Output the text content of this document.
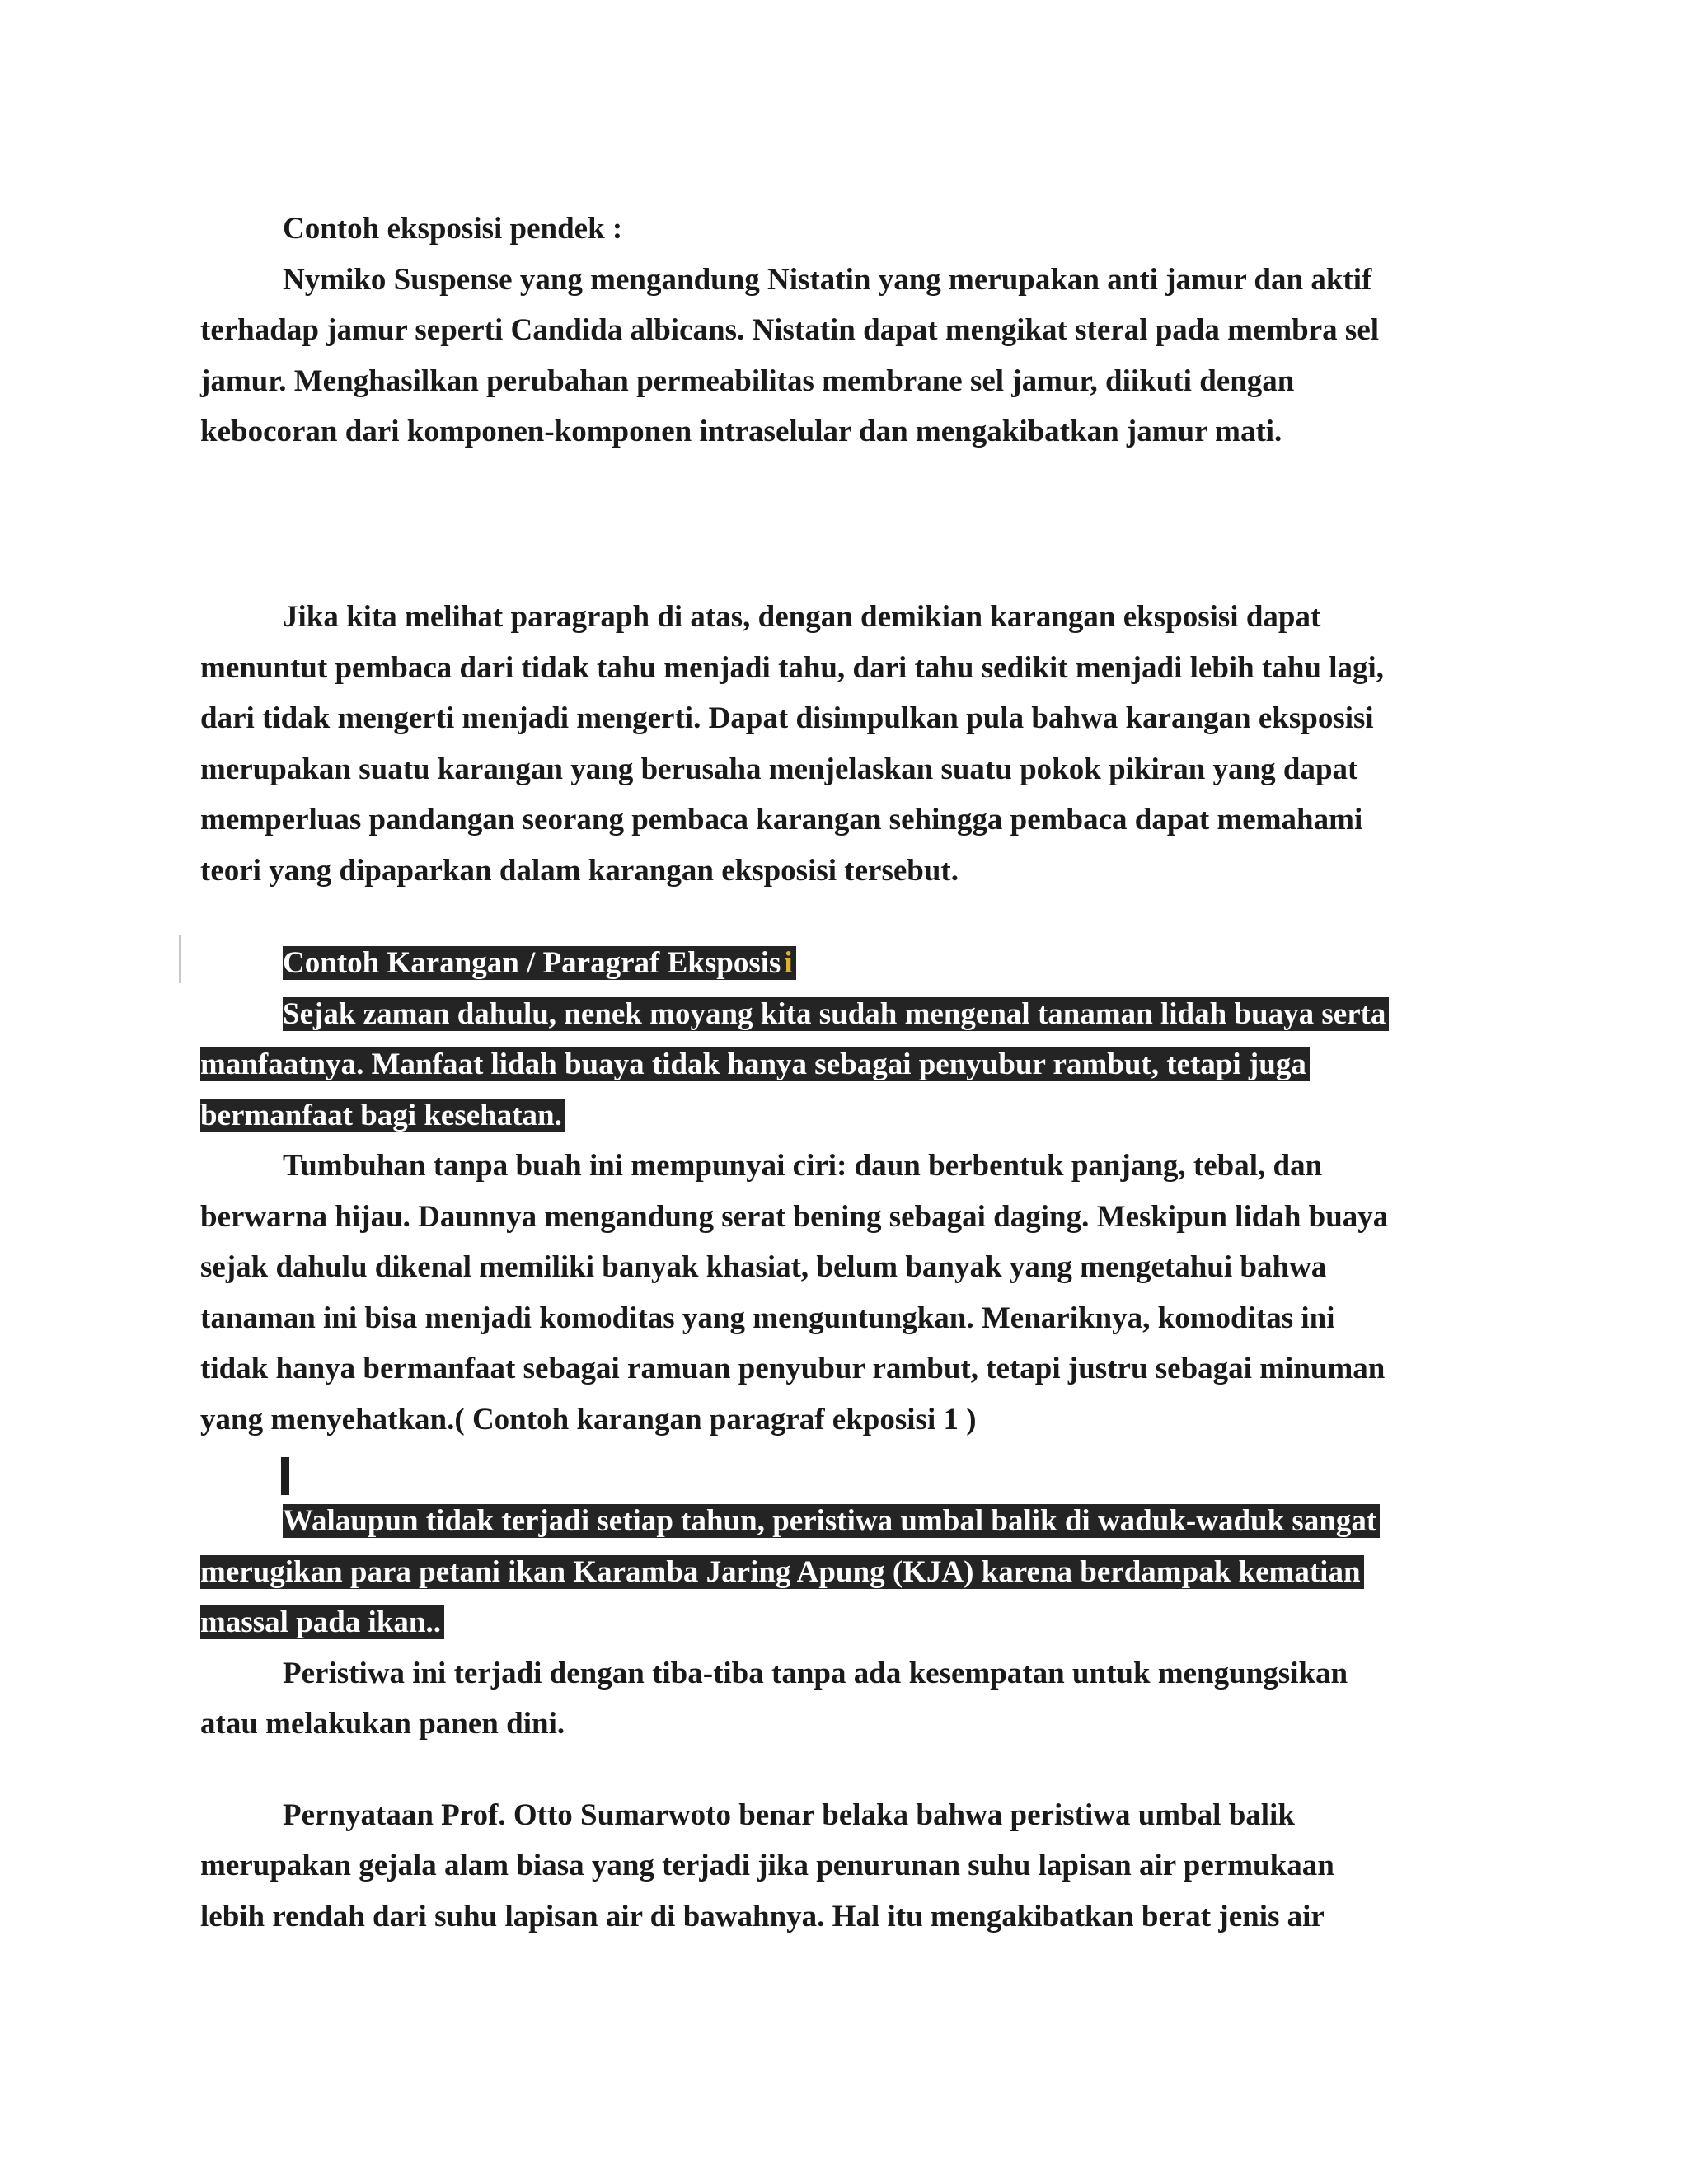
Contoh eksposisi pendek :
Nymiko Suspense yang mengandung Nistatin yang merupakan anti jamur dan aktif
terhadap jamur seperti Candida albicans. Nistatin dapat mengikat steral pada membra sel
jamur. Menghasilkan perubahan permeabilitas membrane sel jamur, diikuti dengan
kebocoran dari komponen-komponen intraselular dan mengakibatkan jamur mati.
Jika kita melihat paragraph di atas, dengan demikian karangan eksposisi dapat
menuntut pembaca dari tidak tahu menjadi tahu, dari tahu sedikit menjadi lebih tahu lagi,
dari tidak mengerti menjadi mengerti. Dapat disimpulkan pula bahwa karangan eksposisi
merupakan suatu karangan yang berusaha menjelaskan suatu pokok pikiran yang dapat
memperluas pandangan seorang pembaca karangan sehingga pembaca dapat memahami
teori yang dipaparkan dalam karangan eksposisi tersebut.
Contoh Karangan / Paragraf Eksposis i
Sejak zaman dahulu, nenek moyang kita sudah mengenal tanaman lidah buaya serta
manfaatnya. Manfaat lidah buaya tidak hanya sebagai penyubur rambut, tetapi juga
bermanfaat bagi kesehatan.
Tumbuhan tanpa buah ini mempunyai ciri: daun berbentuk panjang, tebal, dan
berwarna hijau. Daunnya mengandung serat bening sebagai daging. Meskipun lidah buaya
sejak dahulu dikenal memiliki banyak khasiat, belum banyak yang mengetahui bahwa
tanaman ini bisa menjadi komoditas yang menguntungkan. Menariknya, komoditas ini
tidak hanya bermanfaat sebagai ramuan penyubur rambut, tetapi justru sebagai minuman
yang menyehatkan.( Contoh karangan paragraf ekposisi 1 )
Walaupun tidak terjadi setiap tahun, peristiwa umbal balik di waduk-waduk sangat
merugikan para petani ikan Karamba Jaring Apung (KJA) karena berdampak kematian
massal pada ikan..
Peristiwa ini terjadi dengan tiba-tiba tanpa ada kesempatan untuk mengungsikan
atau melakukan panen dini.
Pernyataan Prof. Otto Sumarwoto benar belaka bahwa peristiwa umbal balik
merupakan gejala alam biasa yang terjadi jika penurunan suhu lapisan air permukaan
lebih rendah dari suhu lapisan air di bawahnya. Hal itu mengakibatkan berat jenis air
